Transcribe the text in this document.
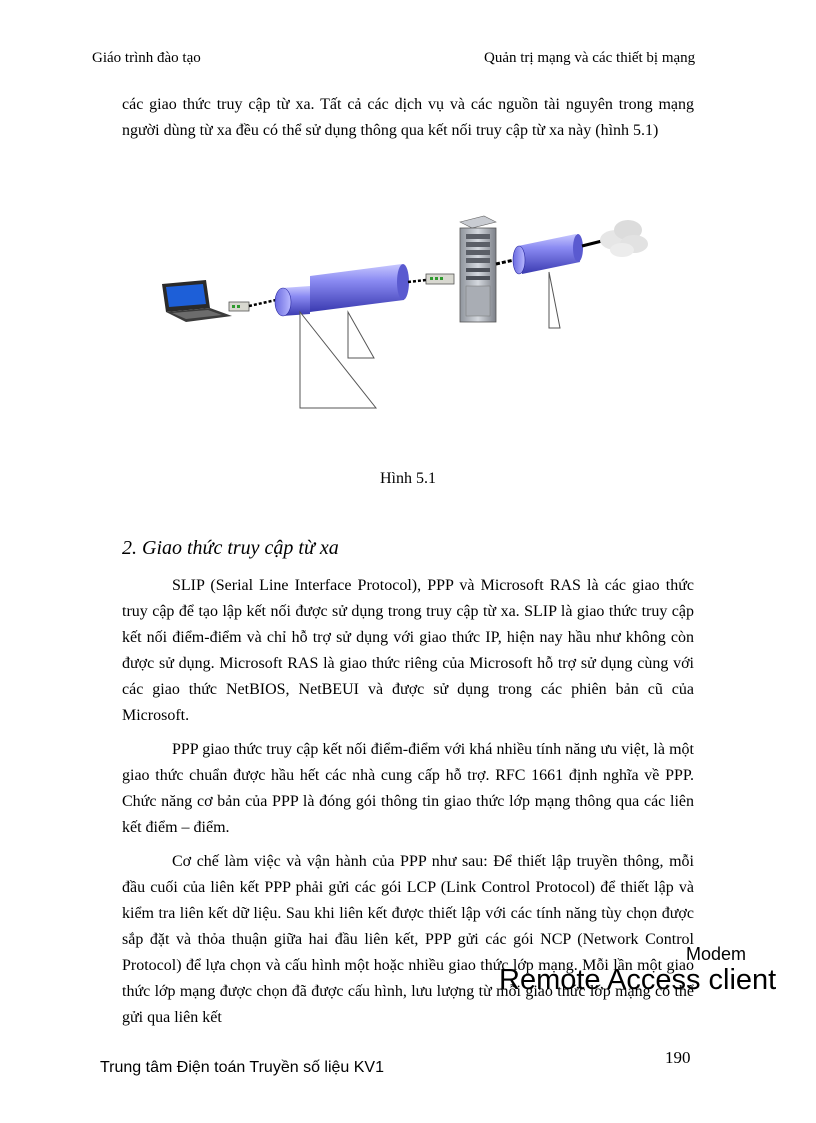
Giáo trình đào tạo	Quản trị mạng và các thiết bị mạng

các giao thức truy cập từ xa. Tất cả các dịch vụ và các nguồn tài nguyên trong mạng người dùng từ xa đều có thể sử dụng thông qua kết nối truy cập từ xa này (hình 5.1)

Hình 5.1
2. Giao thức truy cập từ xa

SLIP (Serial Line Interface Protocol), PPP và Microsoft RAS là các giao thức truy cập để tạo lập kết nối được sử dụng trong truy cập từ xa. SLIP là giao thức truy cập kết nối điểm-điểm và chỉ hỗ trợ sử dụng với giao thức IP, hiện nay hầu như không còn được sử dụng. Microsoft RAS là giao thức riêng của Microsoft hỗ trợ sử dụng cùng với các giao thức NetBIOS, NetBEUI và được sử dụng trong các phiên bản cũ của Microsoft.

PPP giao thức truy cập kết nối điểm-điểm với khá nhiều tính năng ưu việt, là một giao thức chuẩn được hầu hết các nhà cung cấp hỗ trợ. RFC 1661 định nghĩa về PPP. Chức năng cơ bản của PPP là đóng gói thông tin giao thức lớp mạng thông qua các liên kết điểm – điểm.

Cơ chế làm việc và vận hành của PPP như sau: Để thiết lập truyền thông, mỗi đầu cuối của liên kết PPP phải gửi các gói LCP (Link Control Protocol) để thiết lập và kiểm tra liên kết dữ liệu. Sau khi liên kết được thiết lập với các tính năng tùy chọn được sắp đặt và thỏa thuận giữa hai đầu liên kết, PPP gửi các gói NCP (Network Control Protocol) để lựa chọn và cấu hình một hoặc nhiều giao thức lớp mạng. Mỗi lần một giao thức lớp mạng được chọn đã được cấu hình, lưu lượng từ mỗi giao thức lớp mạng có thể gửi qua liên kết

Modem
Remote Access client
Trung tâm Điện toán Truyền số liệu KV1
190
